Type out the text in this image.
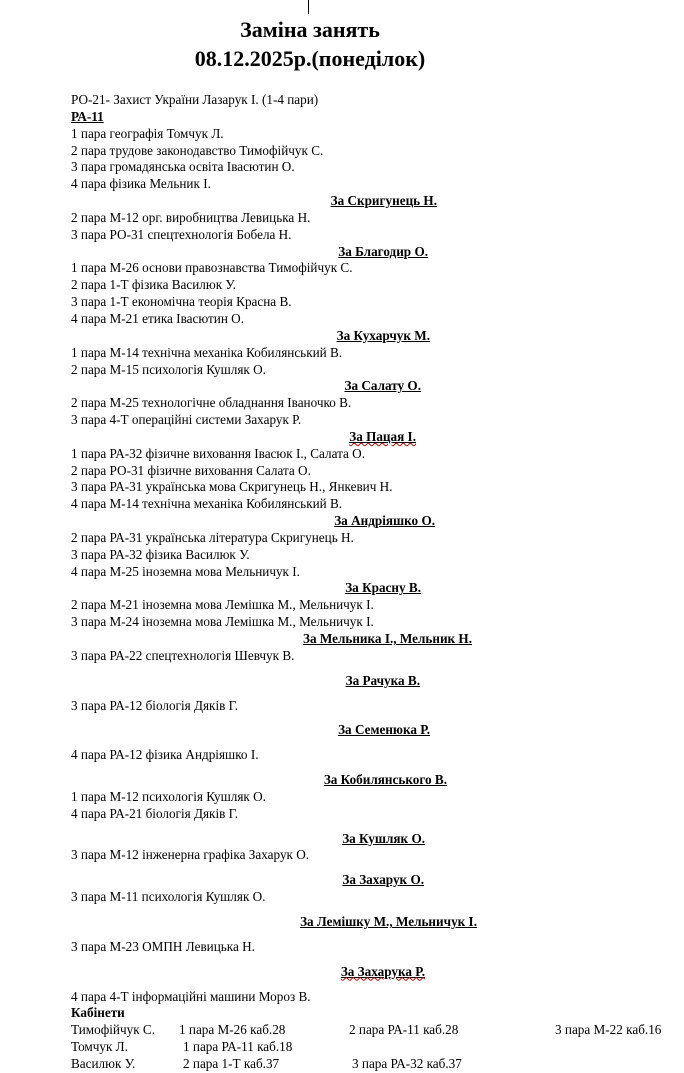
Заміна занять
08.12.2025р.(понеділок)
РО-21- Захист України Лазарук І. (1-4 пари)
РА-11
1 пара географія Томчук Л.
2 пара трудове законодавство Тимофійчук С.
3 пара громадянська освіта Івасютин О.
4 пара фізика Мельник І.
За Скригунець Н.
2 пара М-12 орг. виробництва Левицька Н.
3 пара РО-31 спецтехнологія Бобела Н.
За Благодир О.
1 пара М-26 основи правознавства Тимофійчук С.
2 пара 1-Т фізика Василюк У.
3 пара 1-Т економічна теорія Красна В.
4 пара М-21 етика Івасютин О.
За Кухарчук М.
1 пара М-14 технічна механіка Кобилянський В.
2 пара М-15 психологія Кушляк О.
За Салату О.
2 пара М-25 технологічне обладнання Іваночко В.
3 пара 4-Т операційні системи Захарук Р.
За Пацая І.
1 пара РА-32 фізичне виховання Івасюк І., Салата О.
2 пара РО-31 фізичне виховання Салата О.
3 пара РА-31 українська мова Скригунець Н., Янкевич Н.
4 пара М-14 технічна механіка Кобилянський В.
За Андріяшко О.
2 пара РА-31 українська література Скригунець Н.
3 пара РА-32 фізика Василюк У.
4 пара М-25 іноземна мова Мельничук І.
За Красну В.
2 пара М-21 іноземна мова Лемішка М., Мельничук І.
3 пара М-24 іноземна мова Лемішка М., Мельничук І.
За Мельника І., Мельник Н.
3 пара РА-22 спецтехнологія Шевчук В.
За Рачука В.
3 пара РА-12 біологія Дяків Г.
За Семенюка Р.
4 пара РА-12 фізика Андріяшко І.
За Кобилянського В.
1 пара М-12 психологія Кушляк О.
4 пара РА-21 біологія Дяків Г.
За Кушляк О.
3 пара М-12 інженерна графіка Захарук О.
За Захарук О.
3 пара М-11 психологія Кушляк О.
За Лемішку М., Мельничук І.
3 пара М-23 ОМПН Левицька Н.
За Захарука Р.
4 пара 4-Т інформаційні машини Мороз В.
Кабінети
Тимофійчук С. 1 пара М-26 каб.28	2 пара РА-11 каб.28	3 пара М-22 каб.16
Томчук Л.	1 пара РА-11 каб.18
Василюк У.	2 пара 1-Т каб.37	3 пара РА-32 каб.37
